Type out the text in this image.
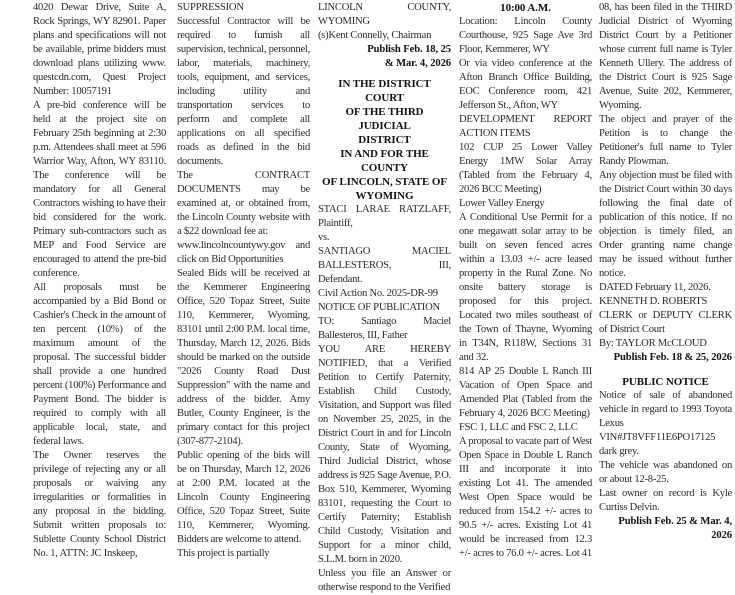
4020 Dewar Drive, Suite A, Rock Springs, WY 82901. Paper plans and specifications will not be available, prime bidders must download plans utilizing www. questcdn.com, Quest Project Number: 10057191
A pre-bid conference will be held at the project site on February 25th beginning at 2:30 p.m. Attendees shall meet at 596 Warrior Way, Afton, WY 83110. The conference will be mandatory for all General Contractors wishing to have their bid considered for the work. Primary sub-contractors such as MEP and Food Service are encouraged to attend the pre-bid conference.
All proposals must be accompanied by a Bid Bond or Cashier's Check in the amount of ten percent (10%) of the maximum amount of the proposal. The successful bidder shall provide a one hundred percent (100%) Performance and Payment Bond. The bidder is required to comply with all applicable local, state, and federal laws.
The Owner reserves the privilege of rejecting any or all proposals or waiving any irregularities or formalities in any proposal in the bidding. Submit written proposals to: Sublette County School District No. 1, ATTN: JC Inskeep,
SUPPRESSION
Successful Contractor will be required to furnish all supervision, technical, personnel, labor, materials, machinery, tools, equipment, and services, including utility and transportation services to perform and complete all applications on all specified roads as defined in the bid documents.
The CONTRACT DOCUMENTS may be examined at, or obtained from, the Lincoln County website with a $22 download fee at:
www.lincolncountywy.gov and click on Bid Opportunities
Sealed Bids will be received at the Kemmerer Engineering Office, 520 Topaz Street, Suite 110, Kemmerer, Wyoming, 83101 until 2:00 P.M. local time, Thursday, March 12, 2026. Bids should be marked on the outside "2026 County Road Dust Suppression" with the name and address of the bidder. Amy Butler, County Engineer, is the primary contact for this project (307-877-2104).
Public opening of the bids will be on Thursday, March 12, 2026 at 2:00 P.M. located at the Lincoln County Engineering Office, 520 Topaz Street, Suite 110, Kemmerer, Wyoming. Bidders are welcome to attend.
This project is partially
LINCOLN COUNTY, WYOMING
(s)Kent Connelly, Chairman
Publish Feb. 18, 25
& Mar. 4, 2026
IN THE DISTRICT COURT
OF THE THIRD JUDICIAL
DISTRICT
IN AND FOR THE COUNTY
OF LINCOLN, STATE OF
WYOMING
STACI LARAE RATZLAFF, Plaintiff,
vs.
SANTIAGO MACIEL BALLESTEROS, III, Defendant.
Civil Action No. 2025-DR-99
NOTICE OF PUBLICATION
TO: Santiago Maciel Ballesteros, III, Father
YOU ARE HEREBY NOTIFIED, that a Verified Petition to Certify Paternity, Establish Child Custody, Visitation, and Support was filed on November 25, 2025, in the District Court in and for Lincoln County, State of Wyoming, Third Judicial District, whose address is 925 Sage Avenue, P.O. Box 510, Kemmerer, Wyoming 83101, requesting the Court to Certify Paternity; Establish Child Custody, Visitation and Support for a minor child, S.L.M. born in 2020.
Unless you file an Answer or otherwise respond to the Verified
10:00 A.M.
Location: Lincoln County Courthouse, 925 Sage Ave 3rd Floor, Kemmerer, WY
Or via video conference at the Afton Branch Office Building, EOC Conference room, 421 Jefferson St., Afton, WY
DEVELOPMENT REPORT ACTION ITEMS
102 CUP 25 Lower Valley Energy 1MW Solar Array (Tabled from the February 4, 2026 BCC Meeting)
Lower Valley Energy
A Conditional Use Permit for a one megawatt solar array to be built on seven fenced acres within a 13.03 +/- acre leased property in the Rural Zone. No onsite battery storage is proposed for this project. Located two miles southeast of the Town of Thayne, Wyoming in T34N, R118W, Sections 31 and 32.
814 AP 25 Double L Ranch III Vacation of Open Space and Amended Plat (Tabled from the February 4, 2026 BCC Meeting)
FSC 1, LLC and FSC 2, LLC
A proposal to vacate part of West Open Space in Double L Ranch III and incorporate it into existing Lot 41. The amended West Open Space would be reduced from 154.2 +/- acres to 90.5 +/- acres. Existing Lot 41 would be increased from 12.3 +/- acres to 76.0 +/- acres. Lot 41
08, has been filed in the THIRD Judicial District of Wyoming District Court by a Petitioner whose current full name is Tyler Kenneth Ullery. The address of the District Court is 925 Sage Avenue, Suite 202, Kemmerer, Wyoming.
The object and prayer of the Petition is to change the Petitioner's full name to Tyler Randy Plowman.
Any objection must be filed with the District Court within 30 days following the final date of publication of this notice. If no objection is timely filed, an Order granting name change may be issued without further notice.
DATED February 11, 2026.
KENNETH D. ROBERTS
CLERK or DEPUTY CLERK of District Court
By: TAYLOR McCLOUD
Publish Feb. 18 & 25, 2026
PUBLIC NOTICE
Notice of sale of abandoned vehicle in regard to 1993 Toyota Lexus VIN#JT8VFF11E6PO17125 dark grey.
The vehicle was abandoned on or about 12-8-25.
Last owner on record is Kyle Curtiss Delvin.
Publish Feb. 25 & Mar. 4, 2026
